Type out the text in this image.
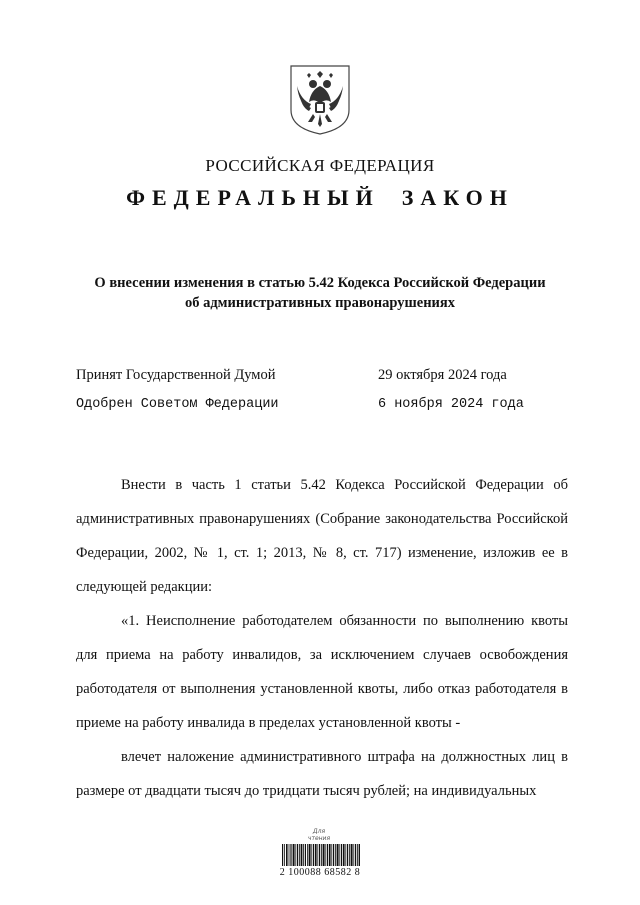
РОССИЙСКАЯ ФЕДЕРАЦИЯ
ФЕДЕРАЛЬНЫЙ ЗАКОН
О внесении изменения в статью 5.42 Кодекса Российской Федерации
об административных правонарушениях
Принят Государственной Думой	29 октября 2024 года
Одобрен Советом Федерации	6 ноября 2024 года

Внести в часть 1 статьи 5.42 Кодекса Российской Федерации об административных правонарушениях (Собрание законодательства Российской Федерации, 2002, № 1, ст. 1; 2013, № 8, ст. 717) изменение, изложив ее в следующей редакции:

«1. Неисполнение работодателем обязанности по выполнению квоты для приема на работу инвалидов, за исключением случаев освобождения работодателя от выполнения установленной квоты, либо отказ работодателя в приеме на работу инвалида в пределах установленной квоты -

влечет наложение административного штрафа на должностных лиц в размере от двадцати тысяч до тридцати тысяч рублей; на индивидуальных

Для чтения
2 100088 68582 8
